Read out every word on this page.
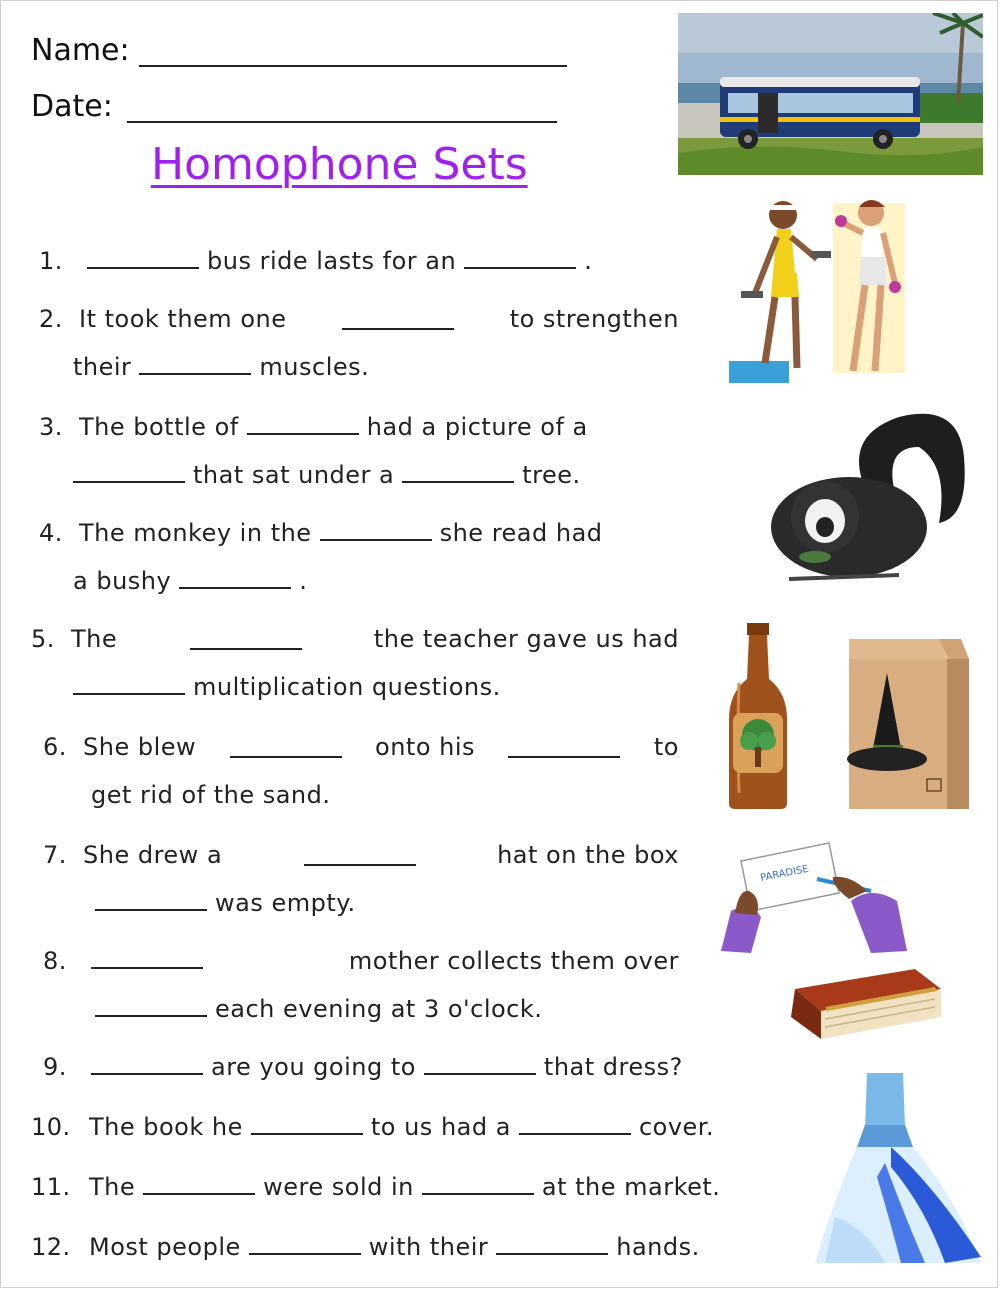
Name:
Date:
Homophone Sets
1.	bus ride lasts for an	.
2. It took them one	to strengthen
their	muscles.
3. The bottle of	had a picture of a
that sat under a	tree.
4. The monkey in the	she read had
a bushy	.
5. The	the teacher gave us had
multiplication questions.
6. She blew	onto his	to
get rid of the sand.
7. She drew a	hat on the box
was empty.
8.	mother collects them over
each evening at 3 o'clock.
9.	are you going to	that dress?
10. The book he	to us had a	cover.
11. The	were sold in	at the market.
12. Most people	with their	hands.
PARADISE
